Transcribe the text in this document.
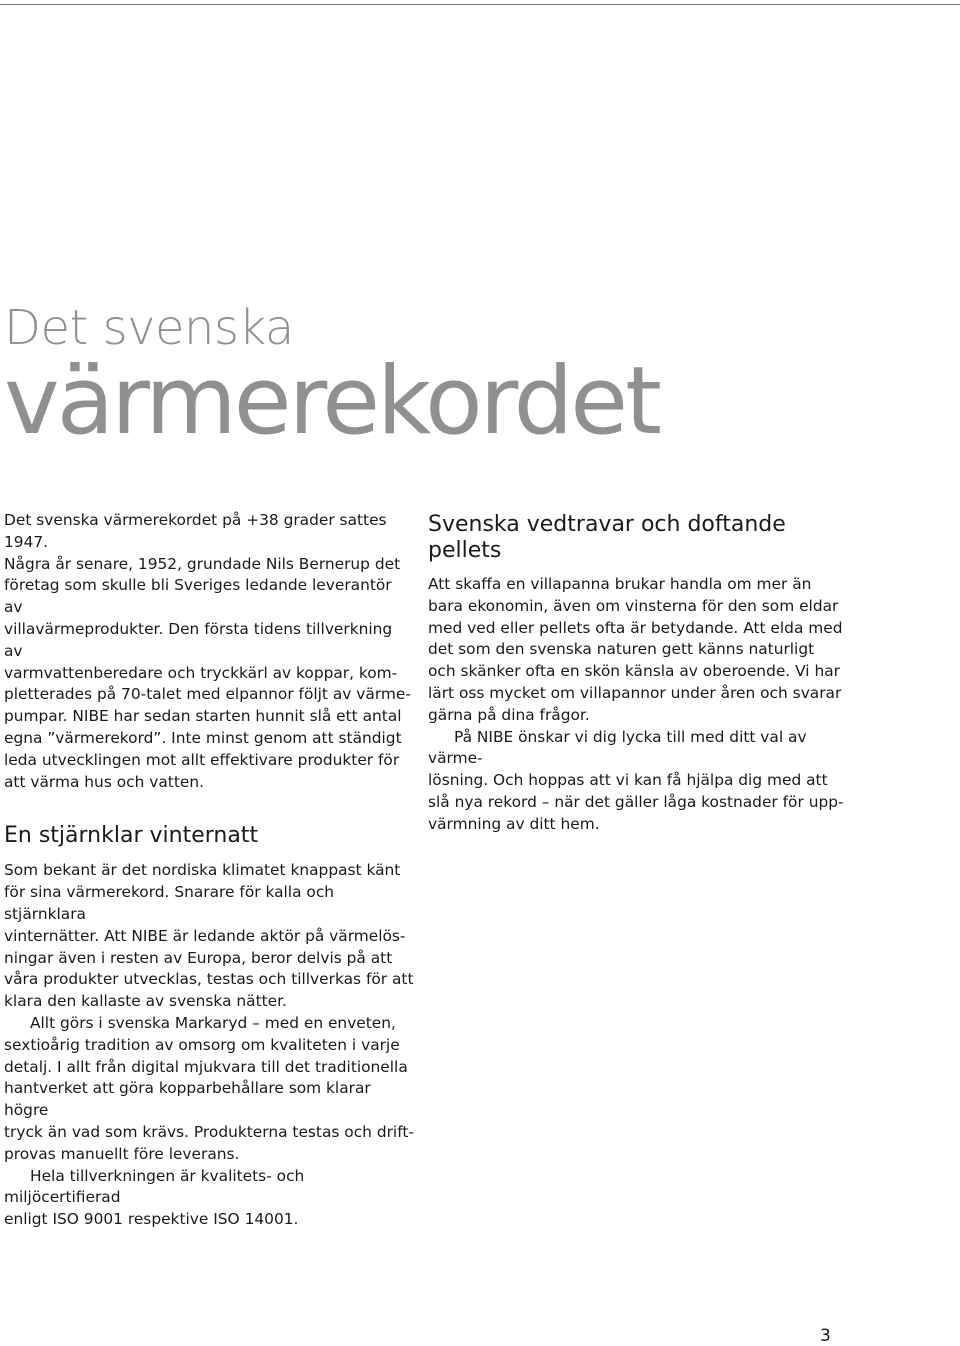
Det svenska
värmerekordet

Det svenska värmerekordet på +38 grader sattes 1947.
Några år senare, 1952, grundade Nils Bernerup det
företag som skulle bli Sveriges ledande leverantör av
villavärmeprodukter. Den första tidens tillverkning av
varmvattenberedare och tryckkärl av koppar, kom-
pletterades på 70-talet med elpannor följt av värme-
pumpar. NIBE har sedan starten hunnit slå ett antal
egna ”värmerekord”. Inte minst genom att ständigt
leda utvecklingen mot allt effektivare produkter för
att värma hus och vatten.

En stjärnklar vinternatt

Som bekant är det nordiska klimatet knappast känt
för sina värmerekord. Snarare för kalla och stjärnklara
vinternätter. Att NIBE är ledande aktör på värmelös-
ningar även i resten av Europa, beror delvis på att
våra produkter utvecklas, testas och tillverkas för att
klara den kallaste av svenska nätter.

Allt görs i svenska Markaryd – med en enveten,
sextioårig tradition av omsorg om kvaliteten i varje
detalj. I allt från digital mjukvara till det traditionella
hantverket att göra kopparbehållare som klarar högre
tryck än vad som krävs. Produkterna testas och drift-
provas manuellt före leverans.

Hela tillverkningen är kvalitets- och miljöcertifierad
enligt ISO 9001 respektive ISO 14001.

Svenska vedtravar och doftande pellets

Att skaffa en villapanna brukar handla om mer än
bara ekonomin, även om vinsterna för den som eldar
med ved eller pellets ofta är betydande. Att elda med
det som den svenska naturen gett känns naturligt
och skänker ofta en skön känsla av oberoende. Vi har
lärt oss mycket om villapannor under åren och svarar
gärna på dina frågor.

På NIBE önskar vi dig lycka till med ditt val av värme-
lösning. Och hoppas att vi kan få hjälpa dig med att
slå nya rekord – när det gäller låga kostnader för upp-
värmning av ditt hem.

3
